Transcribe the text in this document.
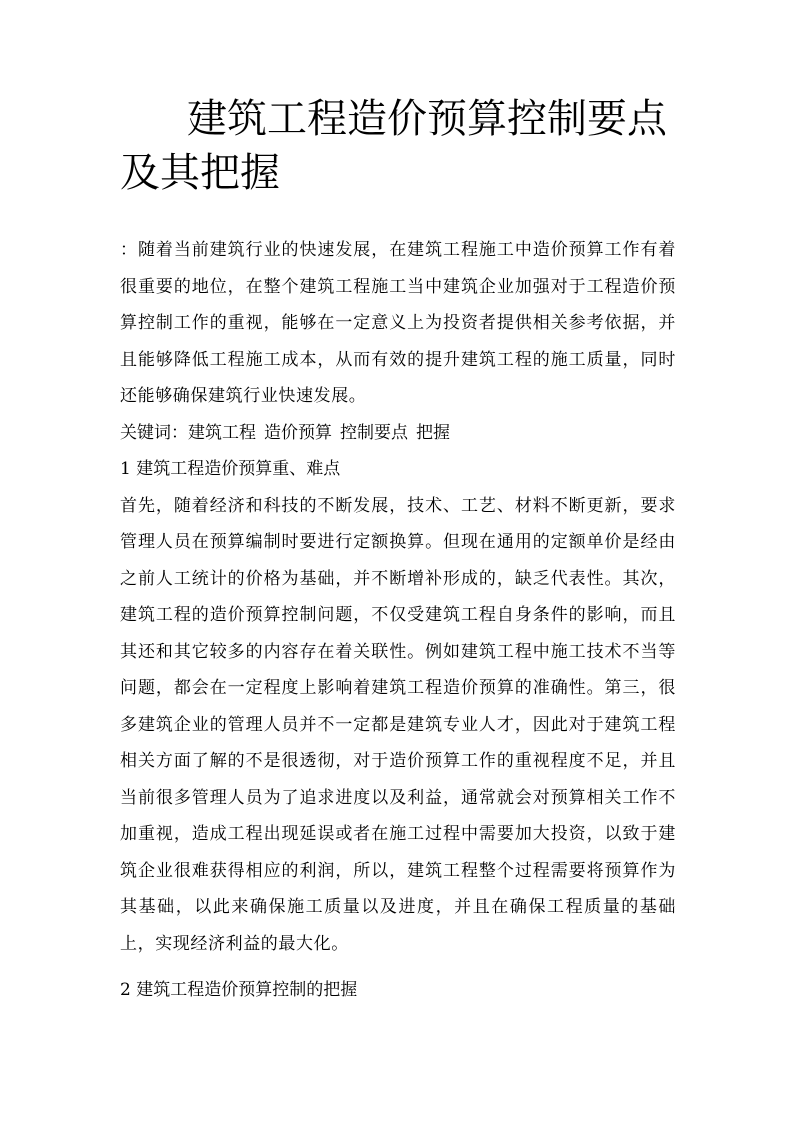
建筑工程造价预算控制要点及其把握

：随着当前建筑行业的快速发展，在建筑工程施工中造价预算工作有着很重要的地位，在整个建筑工程施工当中建筑企业加强对于工程造价预算控制工作的重视，能够在一定意义上为投资者提供相关参考依据，并且能够降低工程施工成本，从而有效的提升建筑工程的施工质量，同时还能够确保建筑行业快速发展。

关键词：建筑工程 造价预算 控制要点 把握

1 建筑工程造价预算重、难点

首先，随着经济和科技的不断发展，技术、工艺、材料不断更新，要求管理人员在预算编制时要进行定额换算。但现在通用的定额单价是经由之前人工统计的价格为基础，并不断增补形成的，缺乏代表性。其次，建筑工程的造价预算控制问题，不仅受建筑工程自身条件的影响，而且其还和其它较多的内容存在着关联性。例如建筑工程中施工技术不当等问题，都会在一定程度上影响着建筑工程造价预算的准确性。第三，很多建筑企业的管理人员并不一定都是建筑专业人才，因此对于建筑工程相关方面了解的不是很透彻，对于造价预算工作的重视程度不足，并且当前很多管理人员为了追求进度以及利益，通常就会对预算相关工作不加重视，造成工程出现延误或者在施工过程中需要加大投资，以致于建筑企业很难获得相应的利润，所以，建筑工程整个过程需要将预算作为其基础，以此来确保施工质量以及进度，并且在确保工程质量的基础上，实现经济利益的最大化。

2 建筑工程造价预算控制的把握
